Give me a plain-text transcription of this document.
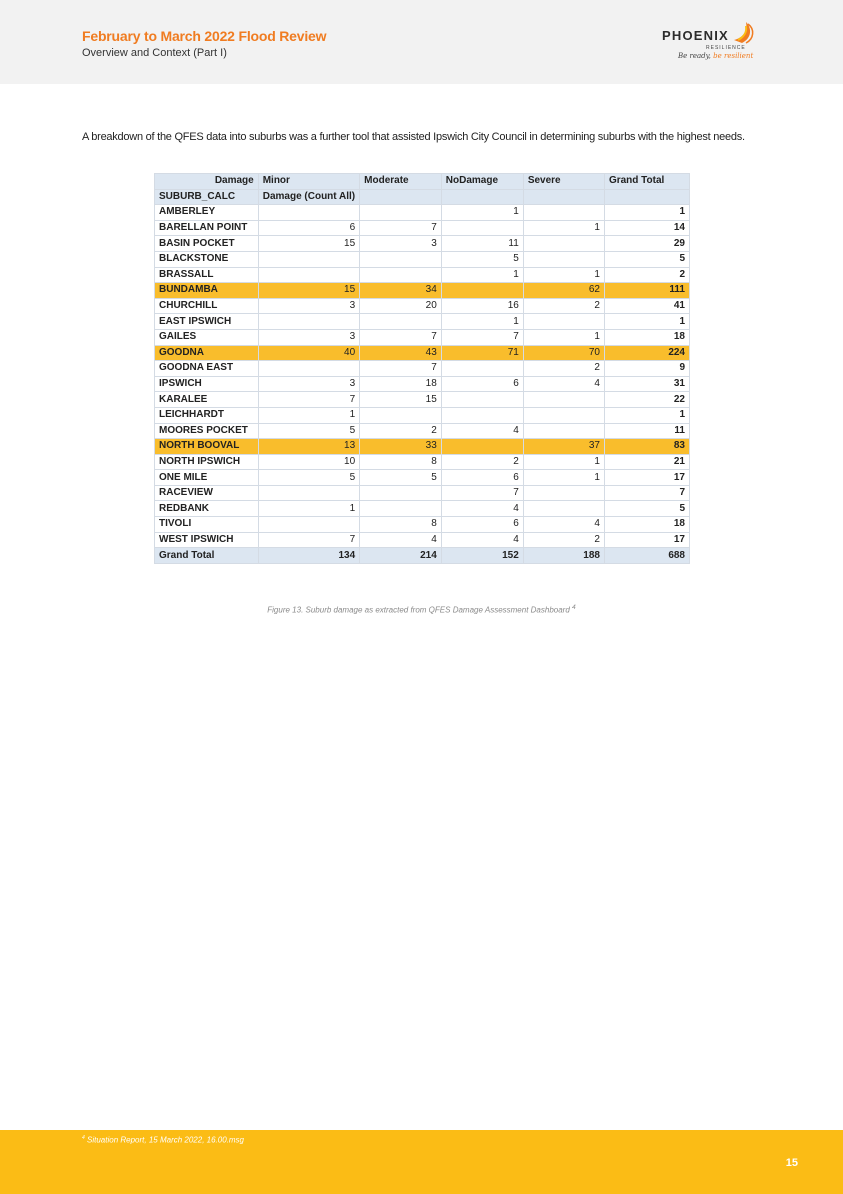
February to March 2022 Flood Review
Overview and Context (Part I)
PHOENIX
RESILIENCE
Be ready, be resilient

A breakdown of the QFES data into suburbs was a further tool that assisted Ipswich City Council in determining suburbs with the highest needs.

Damage	Minor	Moderate	NoDamage	Severe	Grand Total
SUBURB_CALC	Damage (Count All)				
AMBERLEY			1		1
BARELLAN POINT	6	7		1	14
BASIN POCKET	15	3	11		29
BLACKSTONE			5		5
BRASSALL			1	1	2
BUNDAMBA	15	34		62	111
CHURCHILL	3	20	16	2	41
EAST IPSWICH			1		1
GAILES	3	7	7	1	18
GOODNA	40	43	71	70	224
GOODNA EAST		7		2	9
IPSWICH	3	18	6	4	31
KARALEE	7	15			22
LEICHHARDT	1				1
MOORES POCKET	5	2	4		11
NORTH BOOVAL	13	33		37	83
NORTH IPSWICH	10	8	2	1	21
ONE MILE	5	5	6	1	17
RACEVIEW			7		7
REDBANK	1		4		5
TIVOLI		8	6	4	18
WEST IPSWICH	7	4	4	2	17
Grand Total	134	214	152	188	688
Figure 13. Suburb damage as extracted from QFES Damage Assessment Dashboard $^4$
$^4$ Situation Report, 15 March 2022, 16.00.msg
15
